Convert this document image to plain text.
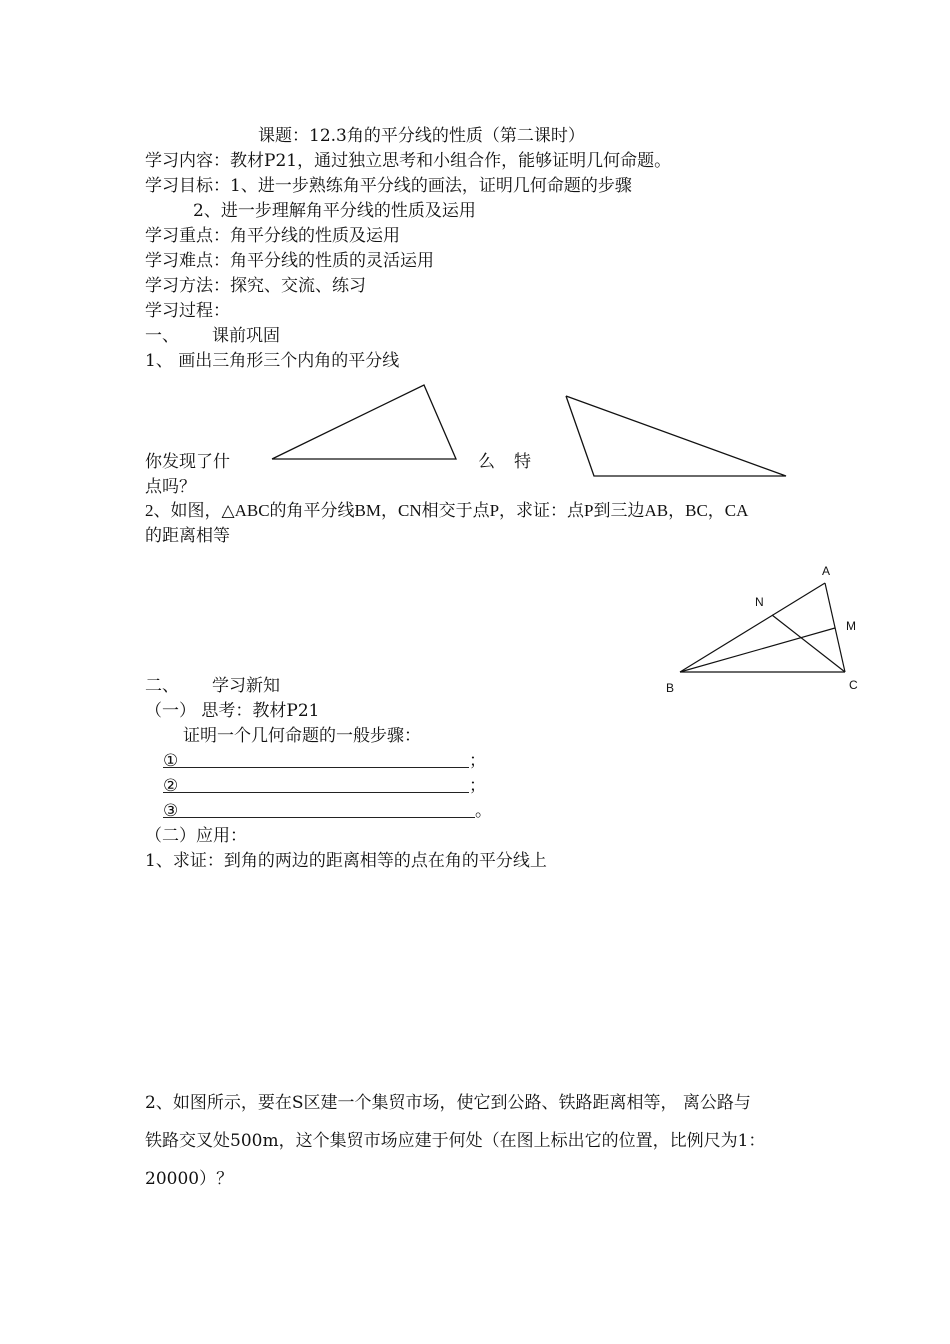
课题：12.3角的平分线的性质（第二课时）
学习内容：教材P21，通过独立思考和小组合作，能够证明几何命题。
学习目标：1、进一步熟练角平分线的画法，证明几何命题的步骤
2、进一步理解角平分线的性质及运用
学习重点：角平分线的性质及运用
学习难点：角平分线的性质的灵活运用
学习方法：探究、交流、练习
学习过程：
一、 课前巩固
1、 画出三角形三个内角的平分线
你发现了什	么 特
点吗？
2、如图，△ABC的角平分线BM，CN相交于点P，求证：点P到三边AB，BC，CA
的距离相等
A
N
M
B	C
二、 学习新知
（一） 思考：教材P21
证明一个几何命题的一般步骤：
①	；
②	；
③	。
（二）应用：
1、求证：到角的两边的距离相等的点在角的平分线上
2、如图所示，要在S区建一个集贸市场，使它到公路、铁路距离相等， 离公路与
铁路交叉处500m，这个集贸市场应建于何处（在图上标出它的位置，比例尺为1：
20000）？
